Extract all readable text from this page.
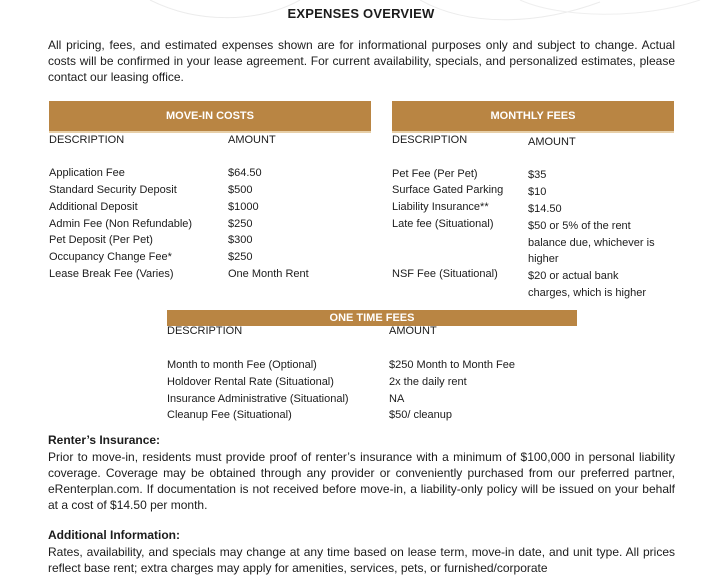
EXPENSES OVERVIEW
All pricing, fees, and estimated expenses shown are for informational purposes only and subject to change. Actual costs will be confirmed in your lease agreement. For current availability, specials, and personalized estimates, please contact our leasing office.
MOVE-IN COSTS
DESCRIPTION	AMOUNT
Application Fee	$64.50
Standard Security Deposit	$500
Additional Deposit	$1000
Admin Fee (Non Refundable)	$250
Pet Deposit (Per Pet)	$300
Occupancy Change Fee*	$250
Lease Break Fee (Varies)	One Month Rent
MONTHLY FEES
DESCRIPTION	AMOUNT
Pet Fee (Per Pet)	$35
Surface Gated Parking $10
Liability Insurance**	$14.50
Late fee (Situational)	$50 or 5% of the rent
balance due, whichever is
higher
NSF Fee (Situational)	$20 or actual bank
charges, which is higher
ONE TIME FEES
DESCRIPTION	AMOUNT
Month to month Fee (Optional)	$250 Month to Month Fee
Holdover Rental Rate (Situational)	2x the daily rent
Insurance Administrative (Situational)	NA
Cleanup Fee (Situational)	$50/ cleanup
Renter’s Insurance:
Prior to move-in, residents must provide proof of renter’s insurance with a minimum of $100,000 in personal liability coverage. Coverage may be obtained through any provider or conveniently purchased from our preferred partner, eRenterplan.com. If documentation is not received before move-in, a liability-only policy will be issued on your behalf at a cost of $14.50 per month.
Additional Information:
Rates, availability, and specials may change at any time based on lease term, move-in date, and unit type. All prices reflect base rent; extra charges may apply for amenities, services, pets, or furnished/corporate
